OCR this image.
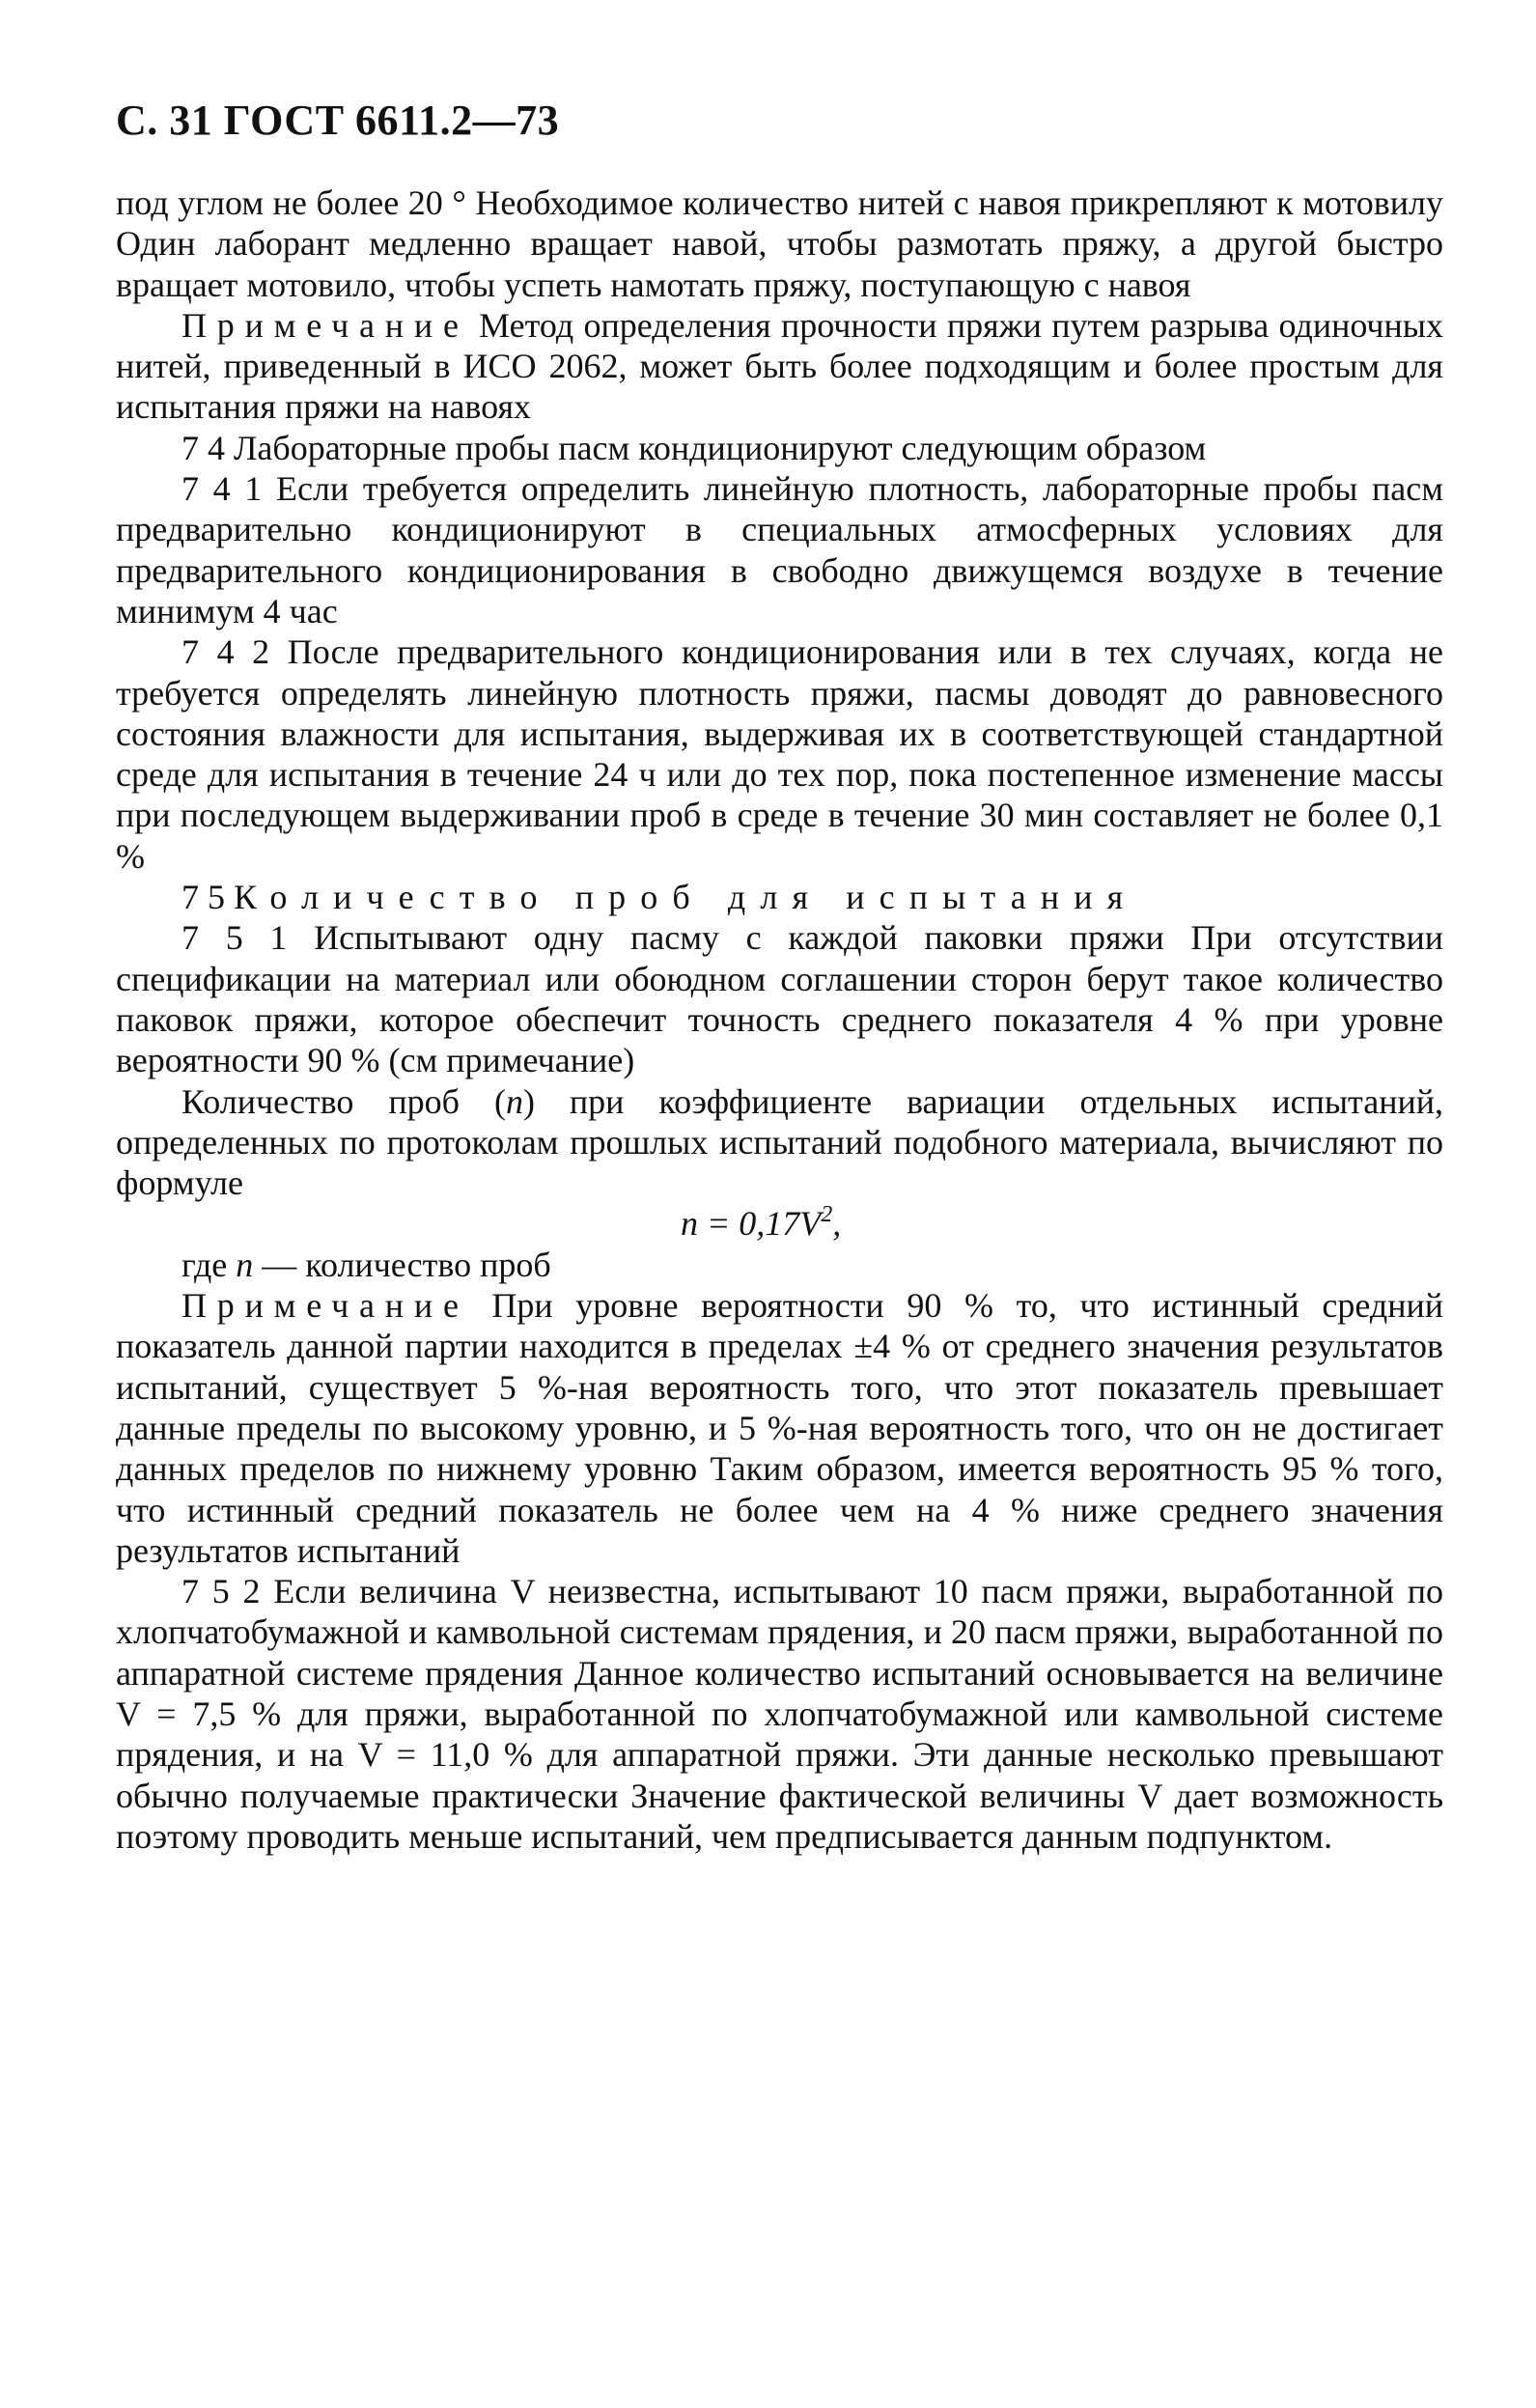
С. 31 ГОСТ 6611.2—73

под углом не более 20 ° Необходимое количество нитей с навоя прикрепляют к мотовилу Один лаборант медленно вращает навой, чтобы размотать пряжу, а другой быстро вращает мотовило, чтобы успеть намотать пряжу, поступающую с навоя

Примечание Метод определения прочности пряжи путем разрыва одиночных нитей, приведенный в ИСО 2062, может быть более подходящим и более простым для испытания пряжи на навоях

7 4 Лабораторные пробы пасм кондиционируют следующим образом

7 4 1 Если требуется определить линейную плотность, лабораторные пробы пасм предварительно кондиционируют в специальных атмосферных условиях для предварительного кондиционирования в свободно движущемся воздухе в течение минимум 4 час

7 4 2 После предварительного кондиционирования или в тех случаях, когда не требуется определять линейную плотность пряжи, пасмы доводят до равновесного состояния влажности для испытания, выдерживая их в соответствующей стандартной среде для испытания в течение 24 ч или до тех пор, пока постепенное изменение массы при последующем выдерживании проб в среде в течение 30 мин составляет не более 0,1 %

7 5 Количество проб для испытания

7 5 1 Испытывают одну пасму с каждой паковки пряжи При отсутствии спецификации на материал или обоюдном соглашении сторон берут такое количество паковок пряжи, которое обеспечит точность среднего показателя 4 % при уровне вероятности 90 % (см примечание)

Количество проб (n) при коэффициенте вариации отдельных испытаний, определенных по протоколам прошлых испытаний подобного материала, вычисляют по формуле

$n = 0,17V^2$,

где n — количество проб

Примечание При уровне вероятности 90 % то, что истинный средний показатель данной партии находится в пределах ±4 % от среднего значения результатов испытаний, существует 5 %-ная вероятность того, что этот показатель превышает данные пределы по высокому уровню, и 5 %-ная вероятность того, что он не достигает данных пределов по нижнему уровню Таким образом, имеется вероятность 95 % того, что истинный средний показатель не более чем на 4 % ниже среднего значения результатов испытаний

7 5 2 Если величина V неизвестна, испытывают 10 пасм пряжи, выработанной по хлопчатобумажной и камвольной системам прядения, и 20 пасм пряжи, выработанной по аппаратной системе прядения Данное количество испытаний основывается на величине V = 7,5 % для пряжи, выработанной по хлопчатобумажной или камвольной системе прядения, и на V = 11,0 % для аппаратной пряжи. Эти данные несколько превышают обычно получаемые практически Значение фактической величины V дает возможность поэтому проводить меньше испытаний, чем предписывается данным подпунктом.
